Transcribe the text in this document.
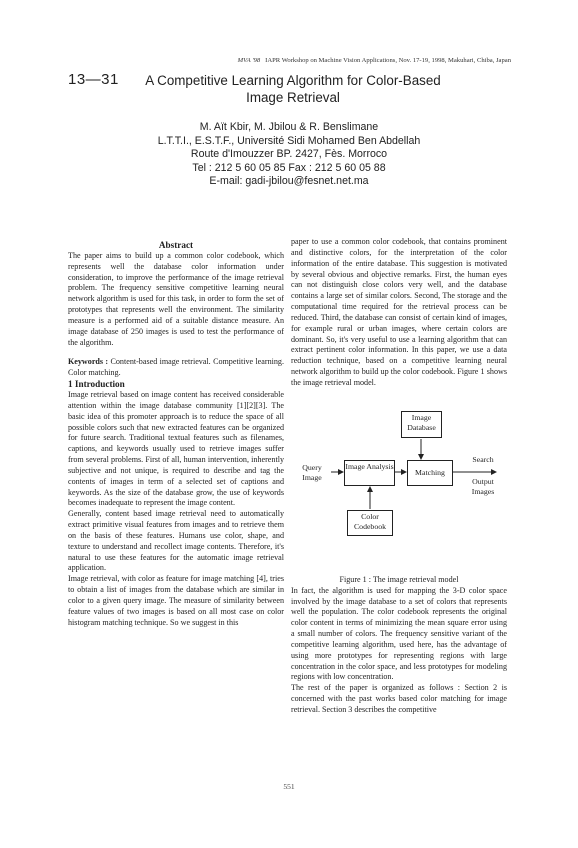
MVA '98 IAPR Workshop on Machine Vision Applications, Nov. 17-19, 1998, Makuhari, Chiba, Japan
13—31	A Competitive Learning Algorithm for Color-Based Image Retrieval
M. Aït Kbir, M. Jbilou & R. Benslimane
L.T.T.I., E.S.T.F., Université Sidi Mohamed Ben Abdellah
Route d'Imouzzer BP. 2427, Fès. Morroco
Tel : 212 5 60 05 85 Fax : 212 5 60 05 88
E-mail: gadi-jbilou@fesnet.net.ma

Abstract

The paper aims to build up a common color codebook, which represents well the database color information under consideration, to improve the performance of the image retrieval problem. The frequency sensitive competitive learning neural network algorithm is used for this task, in order to form the set of prototypes that represents well the environment. The similarity measure is a performed aid of a suitable distance measure. An image database of 250 images is used to test the performance of the algorithm.

Keywords : Content-based image retrieval. Competitive learning. Color matching.

1 Introduction

Image retrieval based on image content has received considerable attention within the image database community [1][2][3]. The basic idea of this promoter approach is to reduce the space of all possible colors such that new extracted features can be organized for future search. Traditional textual features such as filenames, captions, and keywords usually used to retrieve images suffer from several problems. First of all, human intervention, inherently subjective and not unique, is required to describe and tag the contents of images in term of a selected set of captions and keywords. As the size of the database grow, the use of keywords becomes inadequate to represent the image content.

Generally, content based image retrieval need to automatically extract primitive visual features from images and to retrieve them on the basis of these features. Humans use color, shape, and texture to understand and recollect image contents. Therefore, it's natural to use these features for the automatic image retrieval application.

Image retrieval, with color as feature for image matching [4], tries to obtain a list of images from the database which are similar in color to a given query image. The measure of similarity between feature values of two images is based on all most case on color histogram matching technique. So we suggest in this

paper to use a common color codebook, that contains prominent and distinctive colors, for the interpretation of the color information of the entire database. This suggestion is motivated by several obvious and objective remarks. First, the human eyes can not distinguish close colors very well, and the database contains a large set of similar colors. Second, The storage and the computational time required for the retrieval process can be reduced. Third, the database can consist of certain kind of images, for example rural or urban images, where certain colors are dominant. So, it's very useful to use a learning algorithm that can extract pertinent color information. In this paper, we use a data reduction technique, based on a competitive learning neural network algorithm to build up the color codebook. Figure 1 shows the image retrieval model.

Image Database
Query Image
Image Analysis
Matching
Search
Output Images
Color Codebook

Figure 1 : The image retrieval model

In fact, the algorithm is used for mapping the 3-D color space involved by the image database to a set of colors that represents well the population. The color codebook represents the original color content in terms of minimizing the mean square error using a small number of colors. The frequency sensitive variant of the competitive learning algorithm, used here, has the advantage of using more prototypes for representing regions with large concentration in the color space, and less prototypes for modeling regions with low concentration.

The rest of the paper is organized as follows : Section 2 is concerned with the past works based color matching for image retrieval. Section 3 describes the competitive

551
